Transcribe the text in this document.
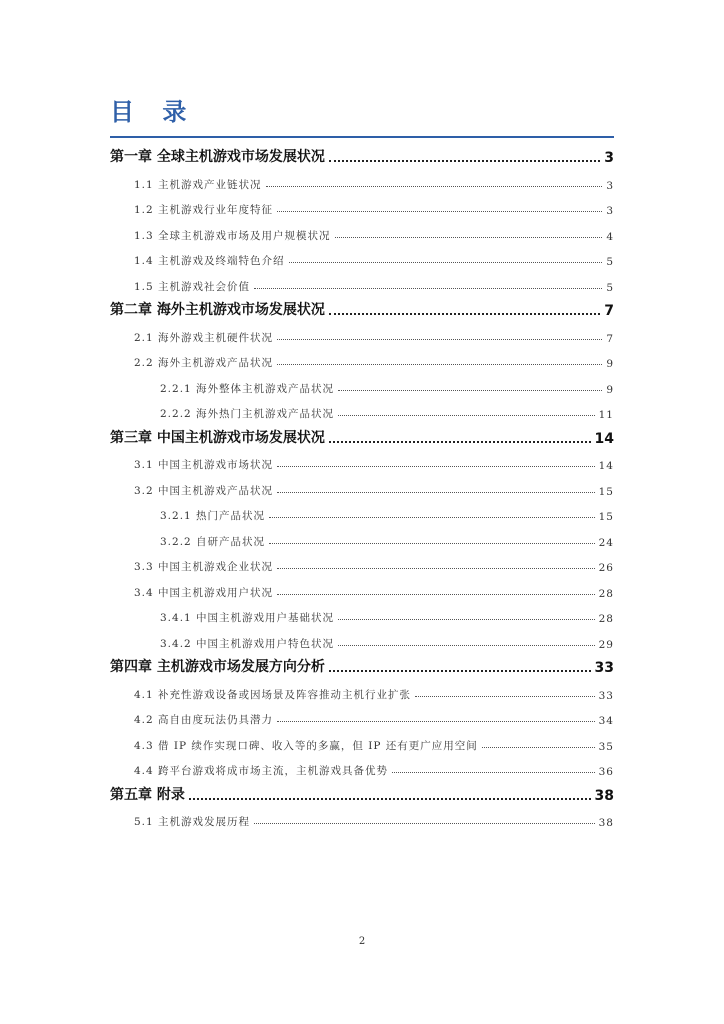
目 录
第一章 全球主机游戏市场发展状况	3
1.1 主机游戏产业链状况	3
1.2 主机游戏行业年度特征	3
1.3 全球主机游戏市场及用户规模状况	4
1.4 主机游戏及终端特色介绍	5
1.5 主机游戏社会价值	5
第二章 海外主机游戏市场发展状况	7
2.1 海外游戏主机硬件状况	7
2.2 海外主机游戏产品状况	9
2.2.1 海外整体主机游戏产品状况	9
2.2.2 海外热门主机游戏产品状况	11
第三章 中国主机游戏市场发展状况	14
3.1 中国主机游戏市场状况	14
3.2 中国主机游戏产品状况	15
3.2.1 热门产品状况	15
3.2.2 自研产品状况	24
3.3 中国主机游戏企业状况	26
3.4 中国主机游戏用户状况	28
3.4.1 中国主机游戏用户基础状况	28
3.4.2 中国主机游戏用户特色状况	29
第四章 主机游戏市场发展方向分析	33
4.1 补充性游戏设备或因场景及阵容推动主机行业扩张	33
4.2 高自由度玩法仍具潜力	34
4.3 借 IP 续作实现口碑、收入等的多赢，但 IP 还有更广应用空间	35
4.4 跨平台游戏将成市场主流，主机游戏具备优势	36
第五章 附录	38
5.1 主机游戏发展历程	38
2
